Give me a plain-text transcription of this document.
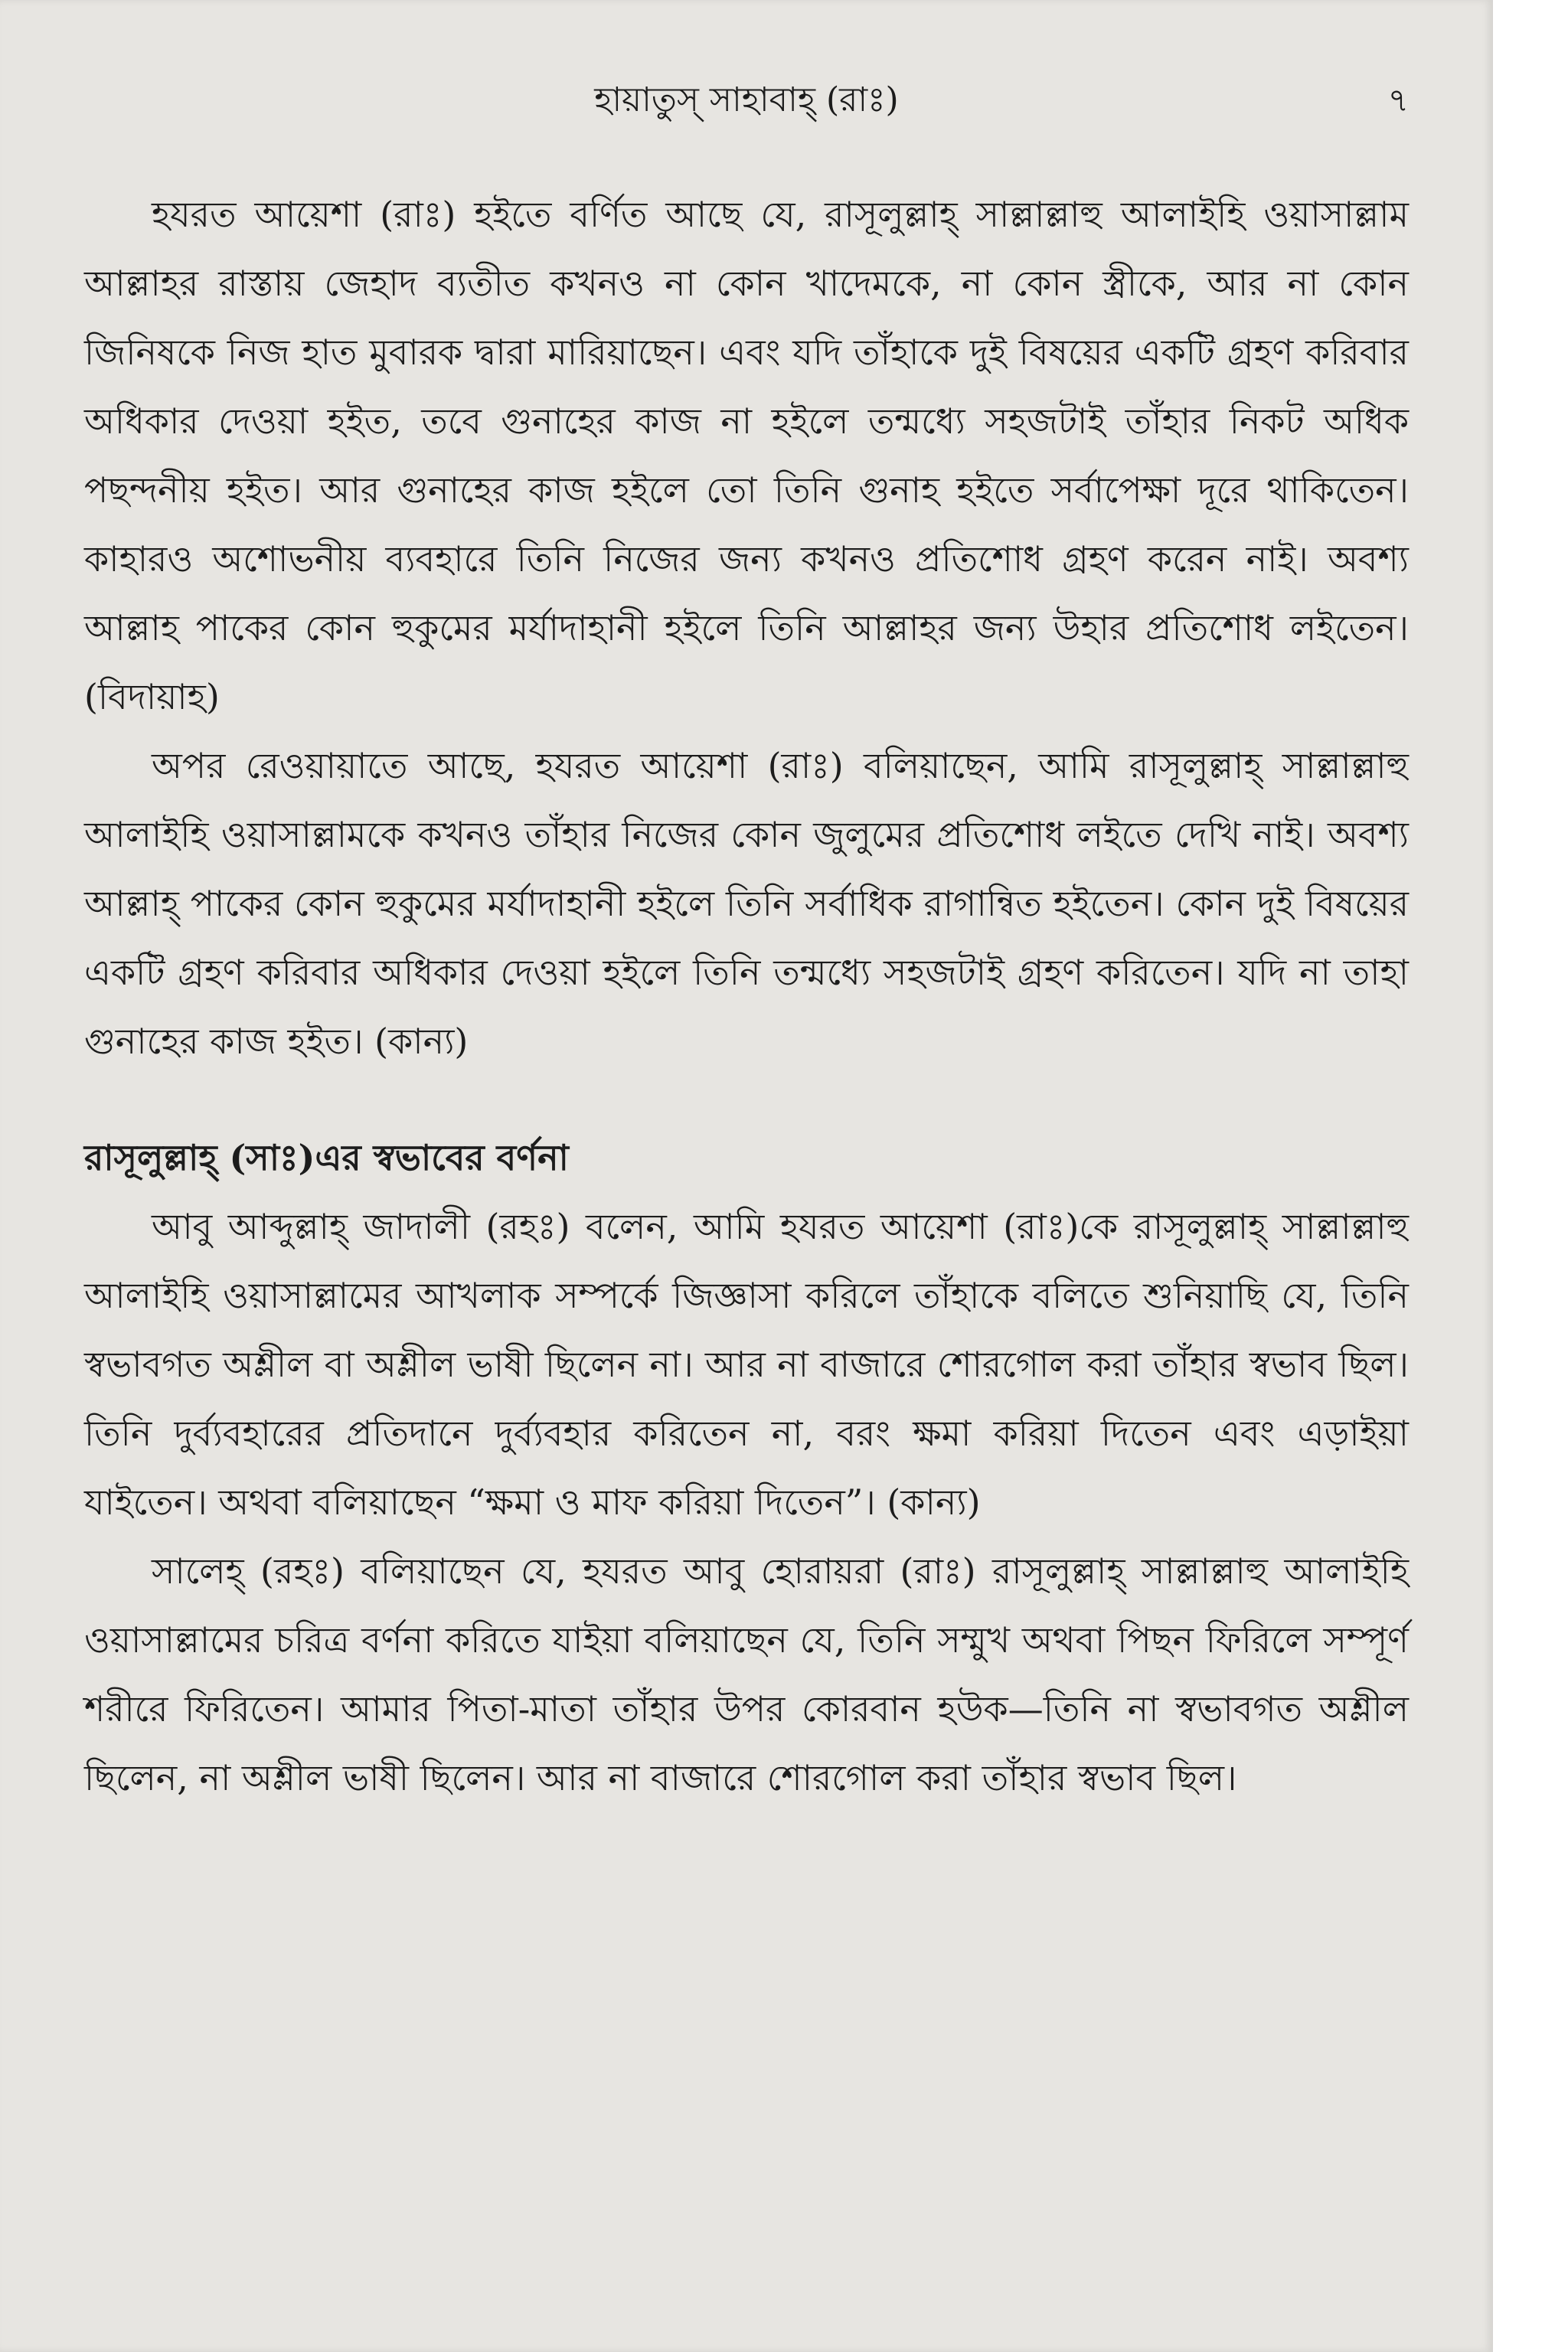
হায়াতুস্ সাহাবাহ্ (রাঃ)	৭

হযরত আয়েশা (রাঃ) হইতে বর্ণিত আছে যে, রাসূলুল্লাহ্ সাল্লাল্লাহু আলাইহি ওয়াসাল্লাম আল্লাহর রাস্তায় জেহাদ ব্যতীত কখনও না কোন খাদেমকে, না কোন স্ত্রীকে, আর না কোন জিনিষকে নিজ হাত মুবারক দ্বারা মারিয়াছেন। এবং যদি তাঁহাকে দুই বিষয়ের একটি গ্রহণ করিবার অধিকার দেওয়া হইত, তবে গুনাহের কাজ না হইলে তন্মধ্যে সহজটাই তাঁহার নিকট অধিক পছন্দনীয় হইত। আর গুনাহের কাজ হইলে তো তিনি গুনাহ হইতে সর্বাপেক্ষা দূরে থাকিতেন। কাহারও অশোভনীয় ব্যবহারে তিনি নিজের জন্য কখনও প্রতিশোধ গ্রহণ করেন নাই। অবশ্য আল্লাহ পাকের কোন হুকুমের মর্যাদাহানী হইলে তিনি আল্লাহর জন্য উহার প্রতিশোধ লইতেন। (বিদায়াহ)

অপর রেওয়ায়াতে আছে, হযরত আয়েশা (রাঃ) বলিয়াছেন, আমি রাসূলুল্লাহ্ সাল্লাল্লাহু আলাইহি ওয়াসাল্লামকে কখনও তাঁহার নিজের কোন জুলুমের প্রতিশোধ লইতে দেখি নাই। অবশ্য আল্লাহ্ পাকের কোন হুকুমের মর্যাদাহানী হইলে তিনি সর্বাধিক রাগান্বিত হইতেন। কোন দুই বিষয়ের একটি গ্রহণ করিবার অধিকার দেওয়া হইলে তিনি তন্মধ্যে সহজটাই গ্রহণ করিতেন। যদি না তাহা গুনাহের কাজ হইত। (কান্য)

রাসূলুল্লাহ্ (সাঃ)এর স্বভাবের বর্ণনা

আবু আব্দুল্লাহ্ জাদালী (রহঃ) বলেন, আমি হযরত আয়েশা (রাঃ)কে রাসূলুল্লাহ্ সাল্লাল্লাহু আলাইহি ওয়াসাল্লামের আখলাক সম্পর্কে জিজ্ঞাসা করিলে তাঁহাকে বলিতে শুনিয়াছি যে, তিনি স্বভাবগত অশ্লীল বা অশ্লীল ভাষী ছিলেন না। আর না বাজারে শোরগোল করা তাঁহার স্বভাব ছিল। তিনি দুর্ব্যবহারের প্রতিদানে দুর্ব্যবহার করিতেন না, বরং ক্ষমা করিয়া দিতেন এবং এড়াইয়া যাইতেন। অথবা বলিয়াছেন “ক্ষমা ও মাফ করিয়া দিতেন”। (কান্য)

সালেহ্ (রহঃ) বলিয়াছেন যে, হযরত আবু হোরায়রা (রাঃ) রাসূলুল্লাহ্ সাল্লাল্লাহু আলাইহি ওয়াসাল্লামের চরিত্র বর্ণনা করিতে যাইয়া বলিয়াছেন যে, তিনি সম্মুখ অথবা পিছন ফিরিলে সম্পূর্ণ শরীরে ফিরিতেন। আমার পিতা-মাতা তাঁহার উপর কোরবান হউক—তিনি না স্বভাবগত অশ্লীল ছিলেন, না অশ্লীল ভাষী ছিলেন। আর না বাজারে শোরগোল করা তাঁহার স্বভাব ছিল।
